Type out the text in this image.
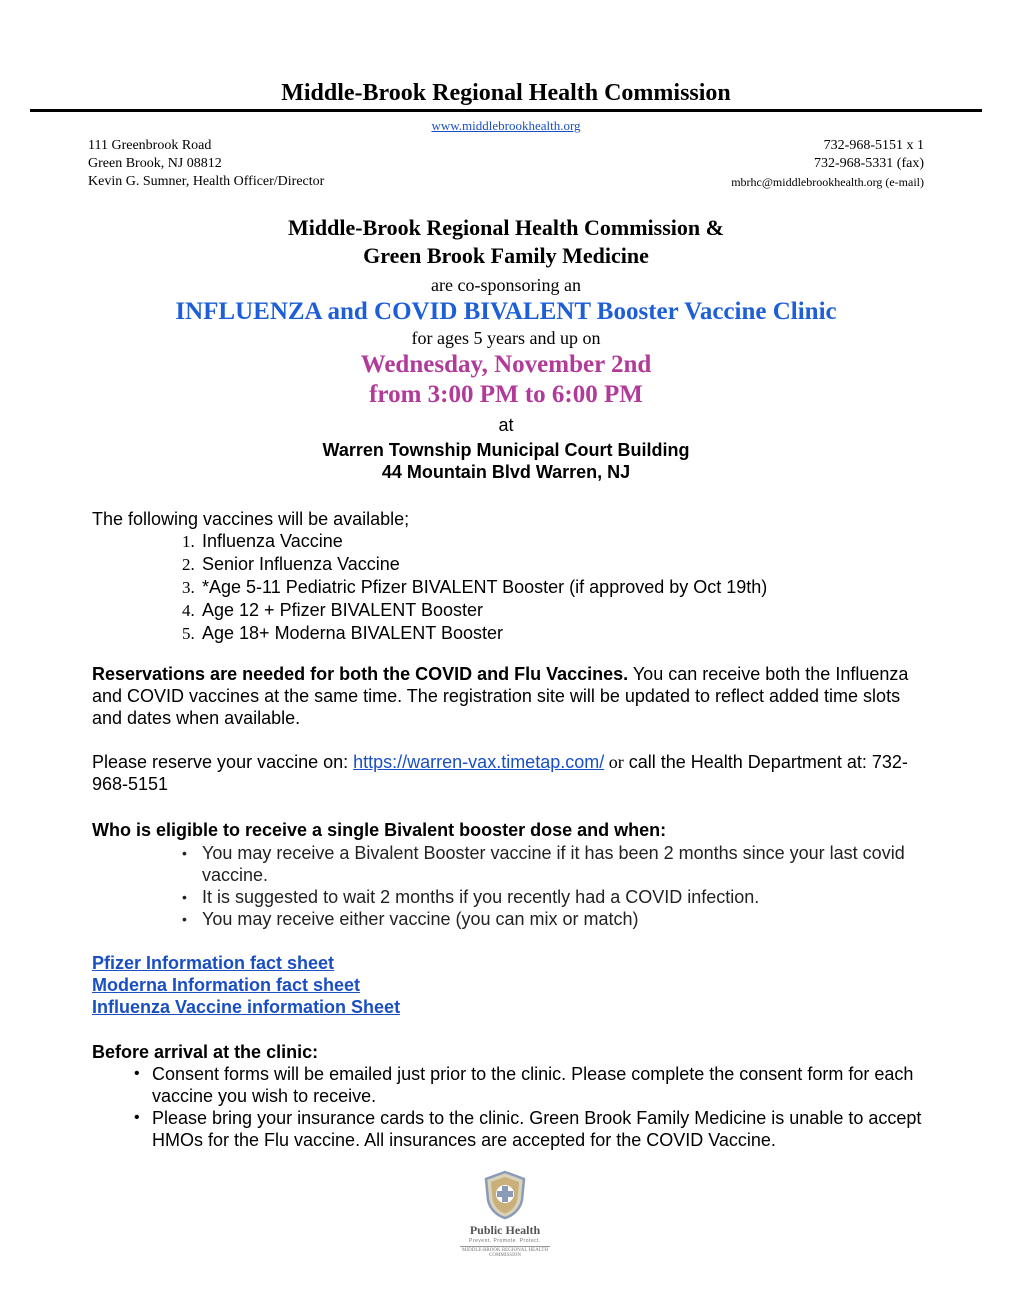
Middle-Brook Regional Health Commission
www.middlebrookhealth.org
111 Greenbrook Road
Green Brook, NJ 08812
Kevin G. Sumner, Health Officer/Director
732-968-5151 x 1
732-968-5331 (fax)
mbrhc@middlebrookhealth.org (e-mail)
Middle-Brook Regional Health Commission &
Green Brook Family Medicine
are co-sponsoring an
INFLUENZA and COVID BIVALENT Booster Vaccine Clinic
for ages 5 years and up on
Wednesday, November 2nd
from 3:00 PM to 6:00 PM
at
Warren Township Municipal Court Building
44 Mountain Blvd Warren, NJ
The following vaccines will be available;
1. Influenza Vaccine
2. Senior Influenza Vaccine
3. *Age 5-11 Pediatric Pfizer BIVALENT Booster (if approved by Oct 19th)
4. Age 12 + Pfizer BIVALENT Booster
5. Age 18+ Moderna BIVALENT Booster
Reservations are needed for both the COVID and Flu Vaccines. You can receive both the Influenza and COVID vaccines at the same time. The registration site will be updated to reflect added time slots and dates when available.
Please reserve your vaccine on: https://warren-vax.timetap.com/ or call the Health Department at: 732-968-5151
Who is eligible to receive a single Bivalent booster dose and when:
• You may receive a Bivalent Booster vaccine if it has been 2 months since your last covid vaccine.
• It is suggested to wait 2 months if you recently had a COVID infection.
• You may receive either vaccine (you can mix or match)
Pfizer Information fact sheet
Moderna Information fact sheet
Influenza Vaccine information Sheet
Before arrival at the clinic:
• Consent forms will be emailed just prior to the clinic. Please complete the consent form for each vaccine you wish to receive.
• Please bring your insurance cards to the clinic. Green Brook Family Medicine is unable to accept HMOs for the Flu vaccine. All insurances are accepted for the COVID Vaccine.
Public Health
Prevent. Promote. Protect.
MIDDLE-BROOK REGIONAL HEALTH COMMISSION
